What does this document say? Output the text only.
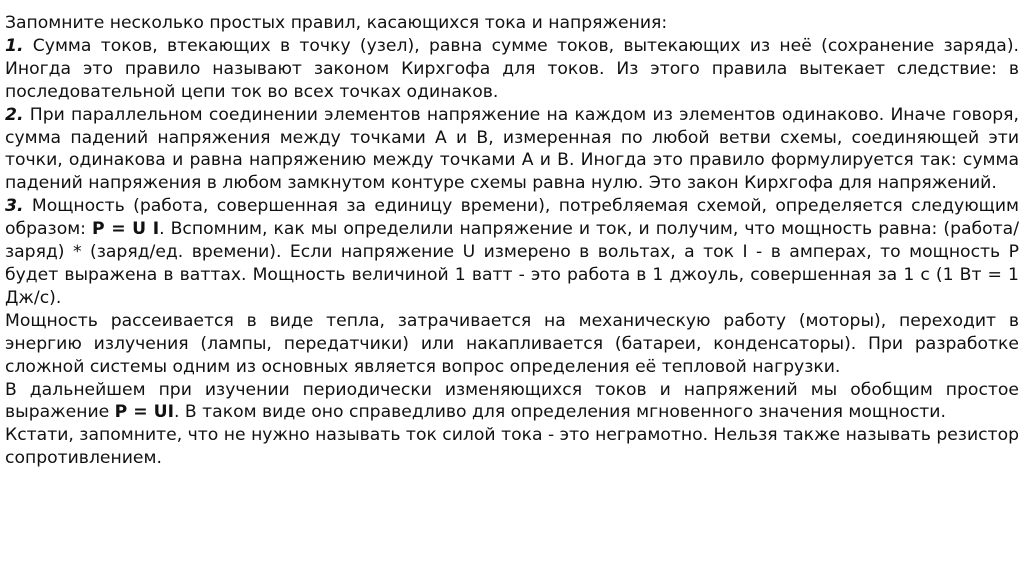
Запомните несколько простых правил, касающихся тока и напряжения:

1. Сумма токов, втекающих в точку (узел), равна сумме токов, вытекающих из неё (сохранение заряда). Иногда это правило называют законом Кирхгофа для токов. Из этого правила вытекает следствие: в последовательной цепи ток во всех точках одинаков.

2. При параллельном соединении элементов напряжение на каждом из элементов одинаково. Иначе говоря, сумма падений напряжения между точками A и B, измеренная по любой ветви схемы, соединяющей эти точки, одинакова и равна напряжению между точками A и B. Иногда это правило формулируется так: сумма падений напряжения в любом замкнутом контуре схемы равна нулю. Это закон Кирхгофа для напряжений.

3. Мощность (работа, совершенная за единицу времени), потребляемая схемой, определяется следующим образом: P = U I. Вспомним, как мы определили напряжение и ток, и получим, что мощность равна: (работа/заряд) * (заряд/ед. времени). Если напряжение U измерено в вольтах, а ток I - в амперах, то мощность P будет выражена в ваттах. Мощность величиной 1 ватт - это работа в 1 джоуль, совершенная за 1 с (1 Вт = 1 Дж/с).

Мощность рассеивается в виде тепла, затрачивается на механическую работу (моторы), переходит в энергию излучения (лампы, передатчики) или накапливается (батареи, конденсаторы). При разработке сложной системы одним из основных является вопрос определения её тепловой нагрузки.

В дальнейшем при изучении периодически изменяющихся токов и напряжений мы обобщим простое выражение P = UI. В таком виде оно справедливо для определения мгновенного значения мощности.

Кстати, запомните, что не нужно называть ток силой тока - это неграмотно. Нельзя также называть резистор сопротивлением.
